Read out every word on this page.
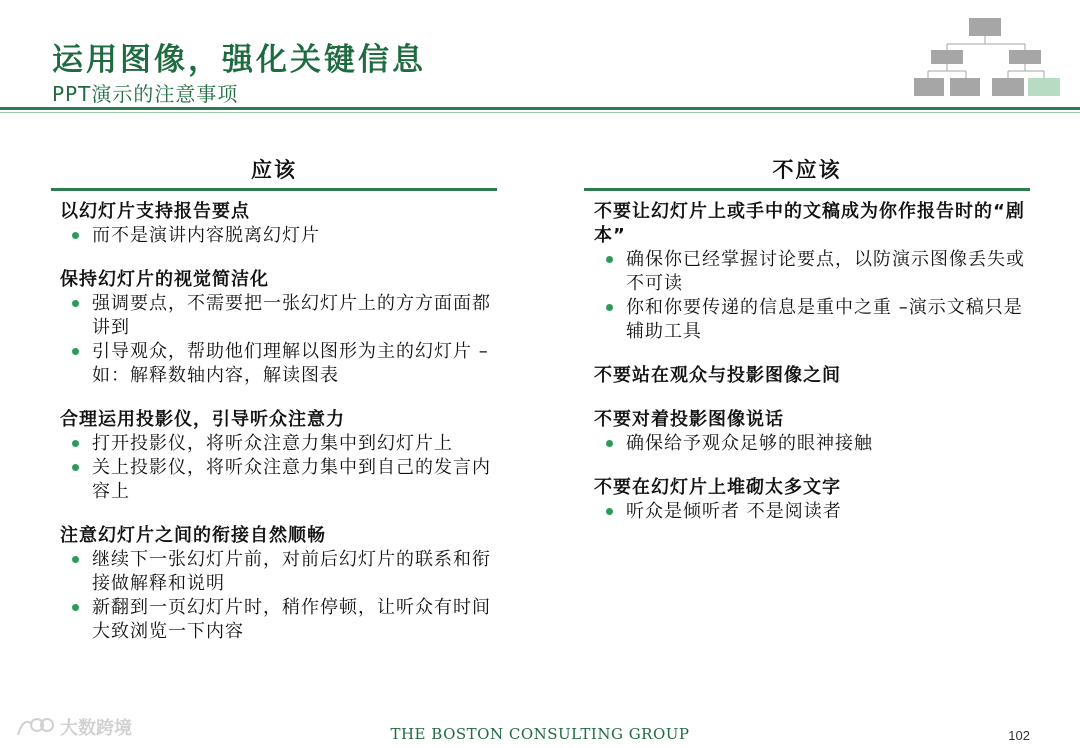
运用图像，强化关键信息
PPT演示的注意事项
应该	不应该
以幻灯片支持报告要点
而不是演讲内容脱离幻灯片
保持幻灯片的视觉简洁化
强调要点，不需要把一张幻灯片上的方方面面都讲到
引导观众，帮助他们理解以图形为主的幻灯片 – 如：解释数轴内容，解读图表
合理运用投影仪，引导听众注意力
打开投影仪，将听众注意力集中到幻灯片上
关上投影仪，将听众注意力集中到自己的发言内容上
注意幻灯片之间的衔接自然顺畅
继续下一张幻灯片前，对前后幻灯片的联系和衔接做解释和说明
新翻到一页幻灯片时，稍作停顿，让听众有时间大致浏览一下内容
不要让幻灯片上或手中的文稿成为你作报告时的“剧本”
确保你已经掌握讨论要点，以防演示图像丢失或不可读
你和你要传递的信息是重中之重 –演示文稿只是辅助工具
不要站在观众与投影图像之间
不要对着投影图像说话
确保给予观众足够的眼神接触
不要在幻灯片上堆砌太多文字
听众是倾听者 不是阅读者
大数跨境	THE BOSTON CONSULTING GROUP	102
